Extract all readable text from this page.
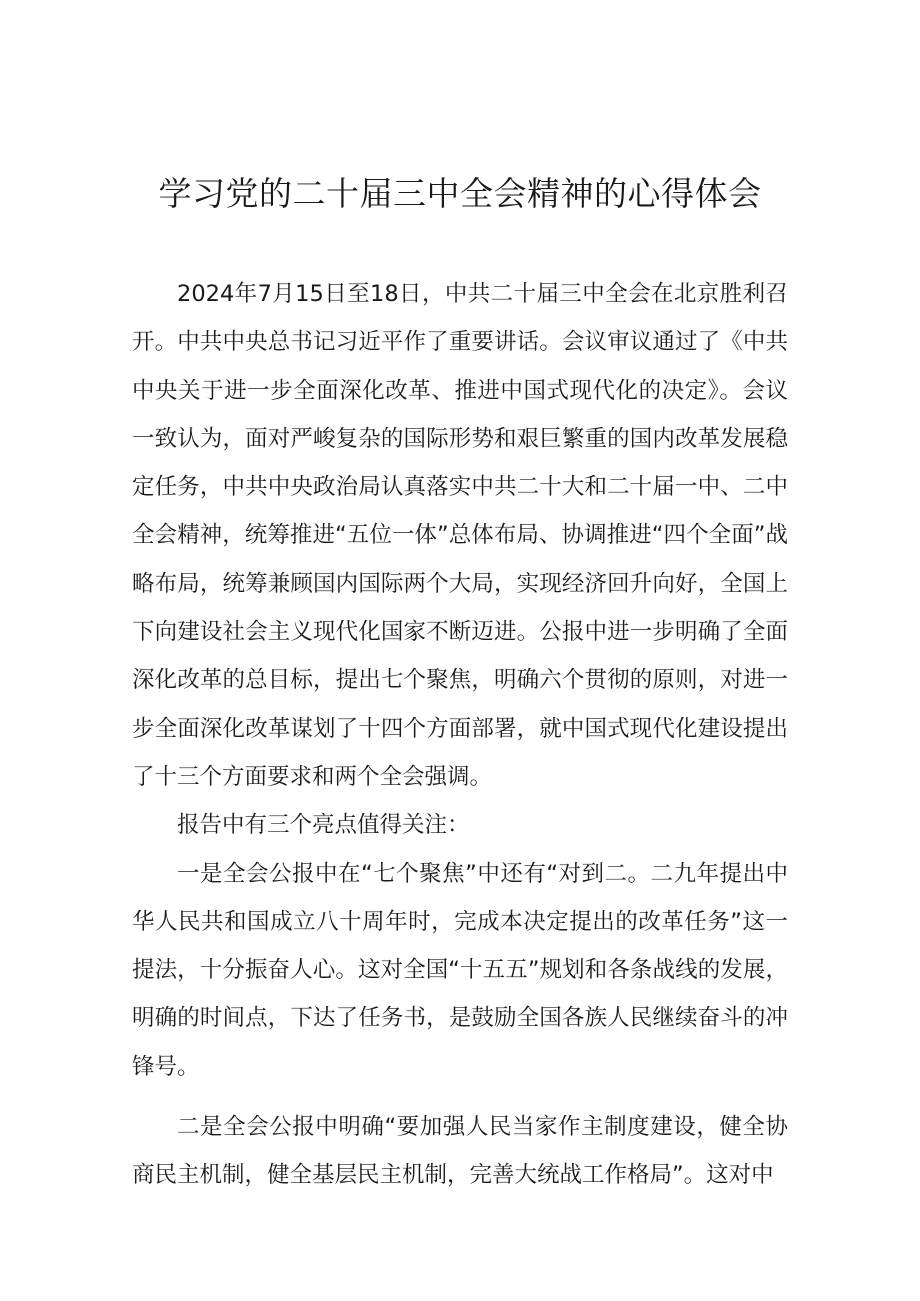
学习党的二十届三中全会精神的心得体会

2024年7月15日至18日，中共二十届三中全会在北京胜利召开。中共中央总书记习近平作了重要讲话。会议审议通过了《中共中央关于进一步全面深化改革、推进中国式现代化的决定》。会议一致认为，面对严峻复杂的国际形势和艰巨繁重的国内改革发展稳定任务，中共中央政治局认真落实中共二十大和二十届一中、二中全会精神，统筹推进“五位一体”总体布局、协调推进“四个全面”战略布局，统筹兼顾国内国际两个大局，实现经济回升向好，全国上下向建设社会主义现代化国家不断迈进。公报中进一步明确了全面深化改革的总目标，提出七个聚焦，明确六个贯彻的原则，对进一步全面深化改革谋划了十四个方面部署，就中国式现代化建设提出了十三个方面要求和两个全会强调。

报告中有三个亮点值得关注：

一是全会公报中在“七个聚焦”中还有“对到二。二九年提出中华人民共和国成立八十周年时，完成本决定提出的改革任务”这一提法，十分振奋人心。这对全国“十五五”规划和各条战线的发展，明确的时间点，下达了任务书，是鼓励全国各族人民继续奋斗的冲锋号。

二是全会公报中明确“要加强人民当家作主制度建设，健全协商民主机制，健全基层民主机制，完善大统战工作格局”。这对中
